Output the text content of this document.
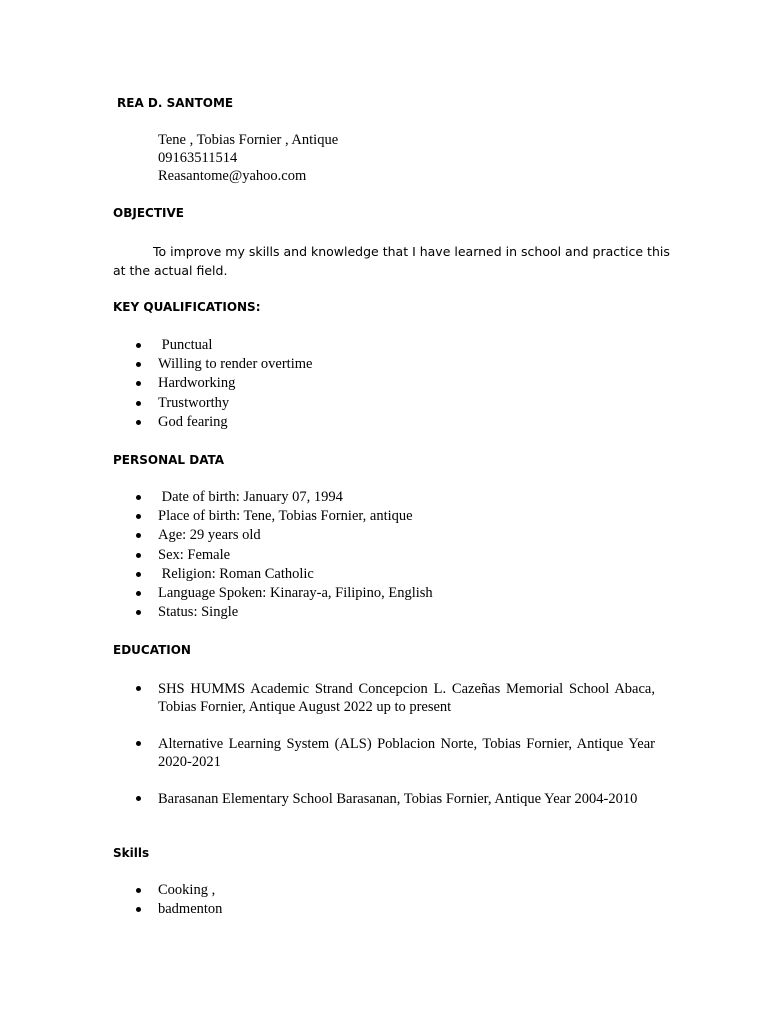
REA D. SANTOME
Tene , Tobias Fornier , Antique
09163511514
Reasantome@yahoo.com
OBJECTIVE
To improve my skills and knowledge that I have learned in school and practice this at the actual field.
KEY QUALIFICATIONS:
Punctual
Willing to render overtime
Hardworking
Trustworthy
God fearing
PERSONAL DATA
Date of birth: January 07, 1994
Place of birth: Tene, Tobias Fornier, antique
Age: 29 years old
Sex: Female
Religion: Roman Catholic
Language Spoken: Kinaray-a, Filipino, English
Status: Single
EDUCATION
SHS HUMMS Academic Strand Concepcion L. Cazeñas Memorial School Abaca, Tobias Fornier, Antique August 2022 up to present
Alternative Learning System (ALS) Poblacion Norte, Tobias Fornier, Antique Year 2020-2021
Barasanan Elementary School Barasanan, Tobias Fornier, Antique Year 2004-2010
Skills
Cooking ,
badmenton
